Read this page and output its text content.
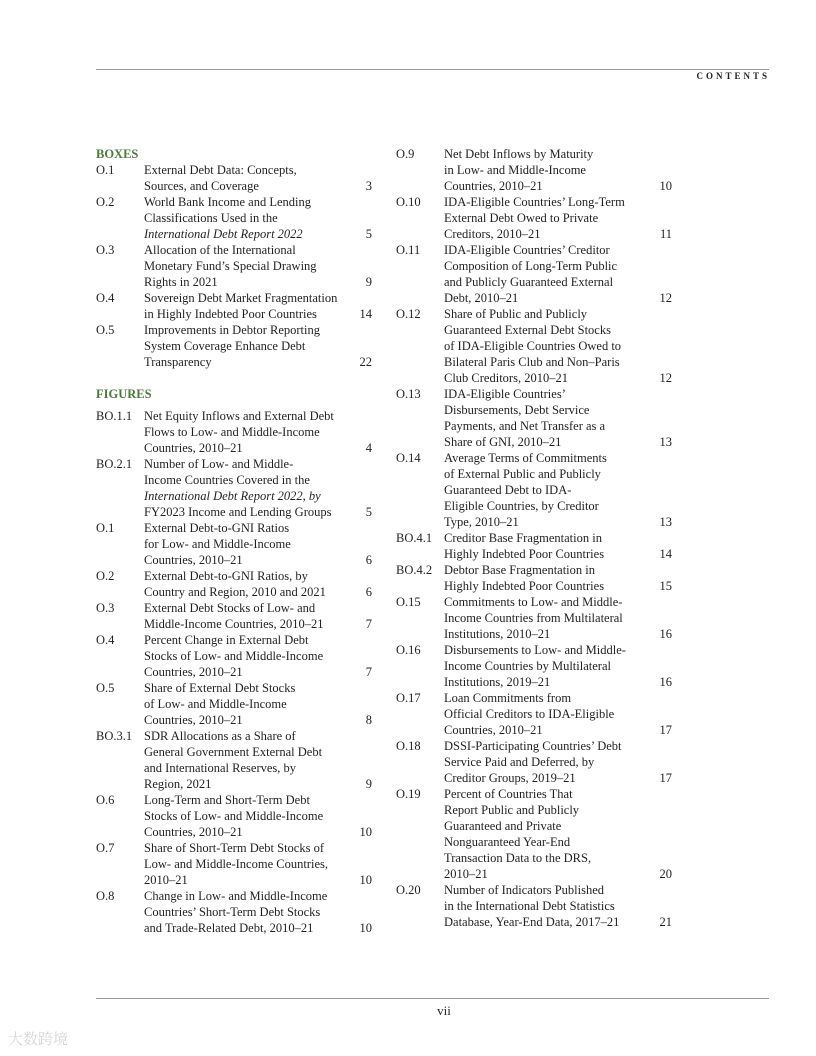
CONTENTS
BOXES
O.1 External Debt Data: Concepts,
Sources, and Coverage	3
O.2 World Bank Income and Lending
Classifications Used in the
International Debt Report 2022	5
O.3 Allocation of the International
Monetary Fund’s Special Drawing
Rights in 2021	9
O.4 Sovereign Debt Market Fragmentation
in Highly Indebted Poor Countries	14
O.5 Improvements in Debtor Reporting
System Coverage Enhance Debt
Transparency	22
FIGURES
BO.1.1 Net Equity Inflows and External Debt
Flows to Low- and Middle-Income
Countries, 2010–21	4
BO.2.1 Number of Low- and Middle-
Income Countries Covered in the
International Debt Report 2022, by
FY2023 Income and Lending Groups	5
O.1 External Debt-to-GNI Ratios
for Low- and Middle-Income
Countries, 2010–21	6
O.2 External Debt-to-GNI Ratios, by
Country and Region, 2010 and 2021	6
O.3 External Debt Stocks of Low- and
Middle-Income Countries, 2010–21	7
O.4 Percent Change in External Debt
Stocks of Low- and Middle-Income
Countries, 2010–21	7
O.5 Share of External Debt Stocks
of Low- and Middle-Income
Countries, 2010–21	8
BO.3.1 SDR Allocations as a Share of
General Government External Debt
and International Reserves, by
Region, 2021	9
O.6 Long-Term and Short-Term Debt
Stocks of Low- and Middle-Income
Countries, 2010–21	10
O.7 Share of Short-Term Debt Stocks of
Low- and Middle-Income Countries,
2010–21	10
O.8 Change in Low- and Middle-Income
Countries’ Short-Term Debt Stocks
and Trade-Related Debt, 2010–21	10
O.9 Net Debt Inflows by Maturity
in Low- and Middle-Income
Countries, 2010–21	10
O.10 IDA-Eligible Countries’ Long-Term
External Debt Owed to Private
Creditors, 2010–21	11
O.11 IDA-Eligible Countries’ Creditor
Composition of Long-Term Public
and Publicly Guaranteed External
Debt, 2010–21	12
O.12 Share of Public and Publicly
Guaranteed External Debt Stocks
of IDA-Eligible Countries Owed to
Bilateral Paris Club and Non–Paris
Club Creditors, 2010–21	12
O.13 IDA-Eligible Countries’
Disbursements, Debt Service
Payments, and Net Transfer as a
Share of GNI, 2010–21	13
O.14 Average Terms of Commitments
of External Public and Publicly
Guaranteed Debt to IDA-
Eligible Countries, by Creditor
Type, 2010–21	13
BO.4.1 Creditor Base Fragmentation in
Highly Indebted Poor Countries	14
BO.4.2 Debtor Base Fragmentation in
Highly Indebted Poor Countries	15
O.15 Commitments to Low- and Middle-
Income Countries from Multilateral
Institutions, 2010–21	16
O.16 Disbursements to Low- and Middle-
Income Countries by Multilateral
Institutions, 2019–21	16
O.17 Loan Commitments from
Official Creditors to IDA-Eligible
Countries, 2010–21	17
O.18 DSSI-Participating Countries’ Debt
Service Paid and Deferred, by
Creditor Groups, 2019–21	17
O.19 Percent of Countries That
Report Public and Publicly
Guaranteed and Private
Nonguaranteed Year-End
Transaction Data to the DRS,
2010–21	20
O.20 Number of Indicators Published
in the International Debt Statistics
Database, Year-End Data, 2017–21	21
vii
大数跨境
